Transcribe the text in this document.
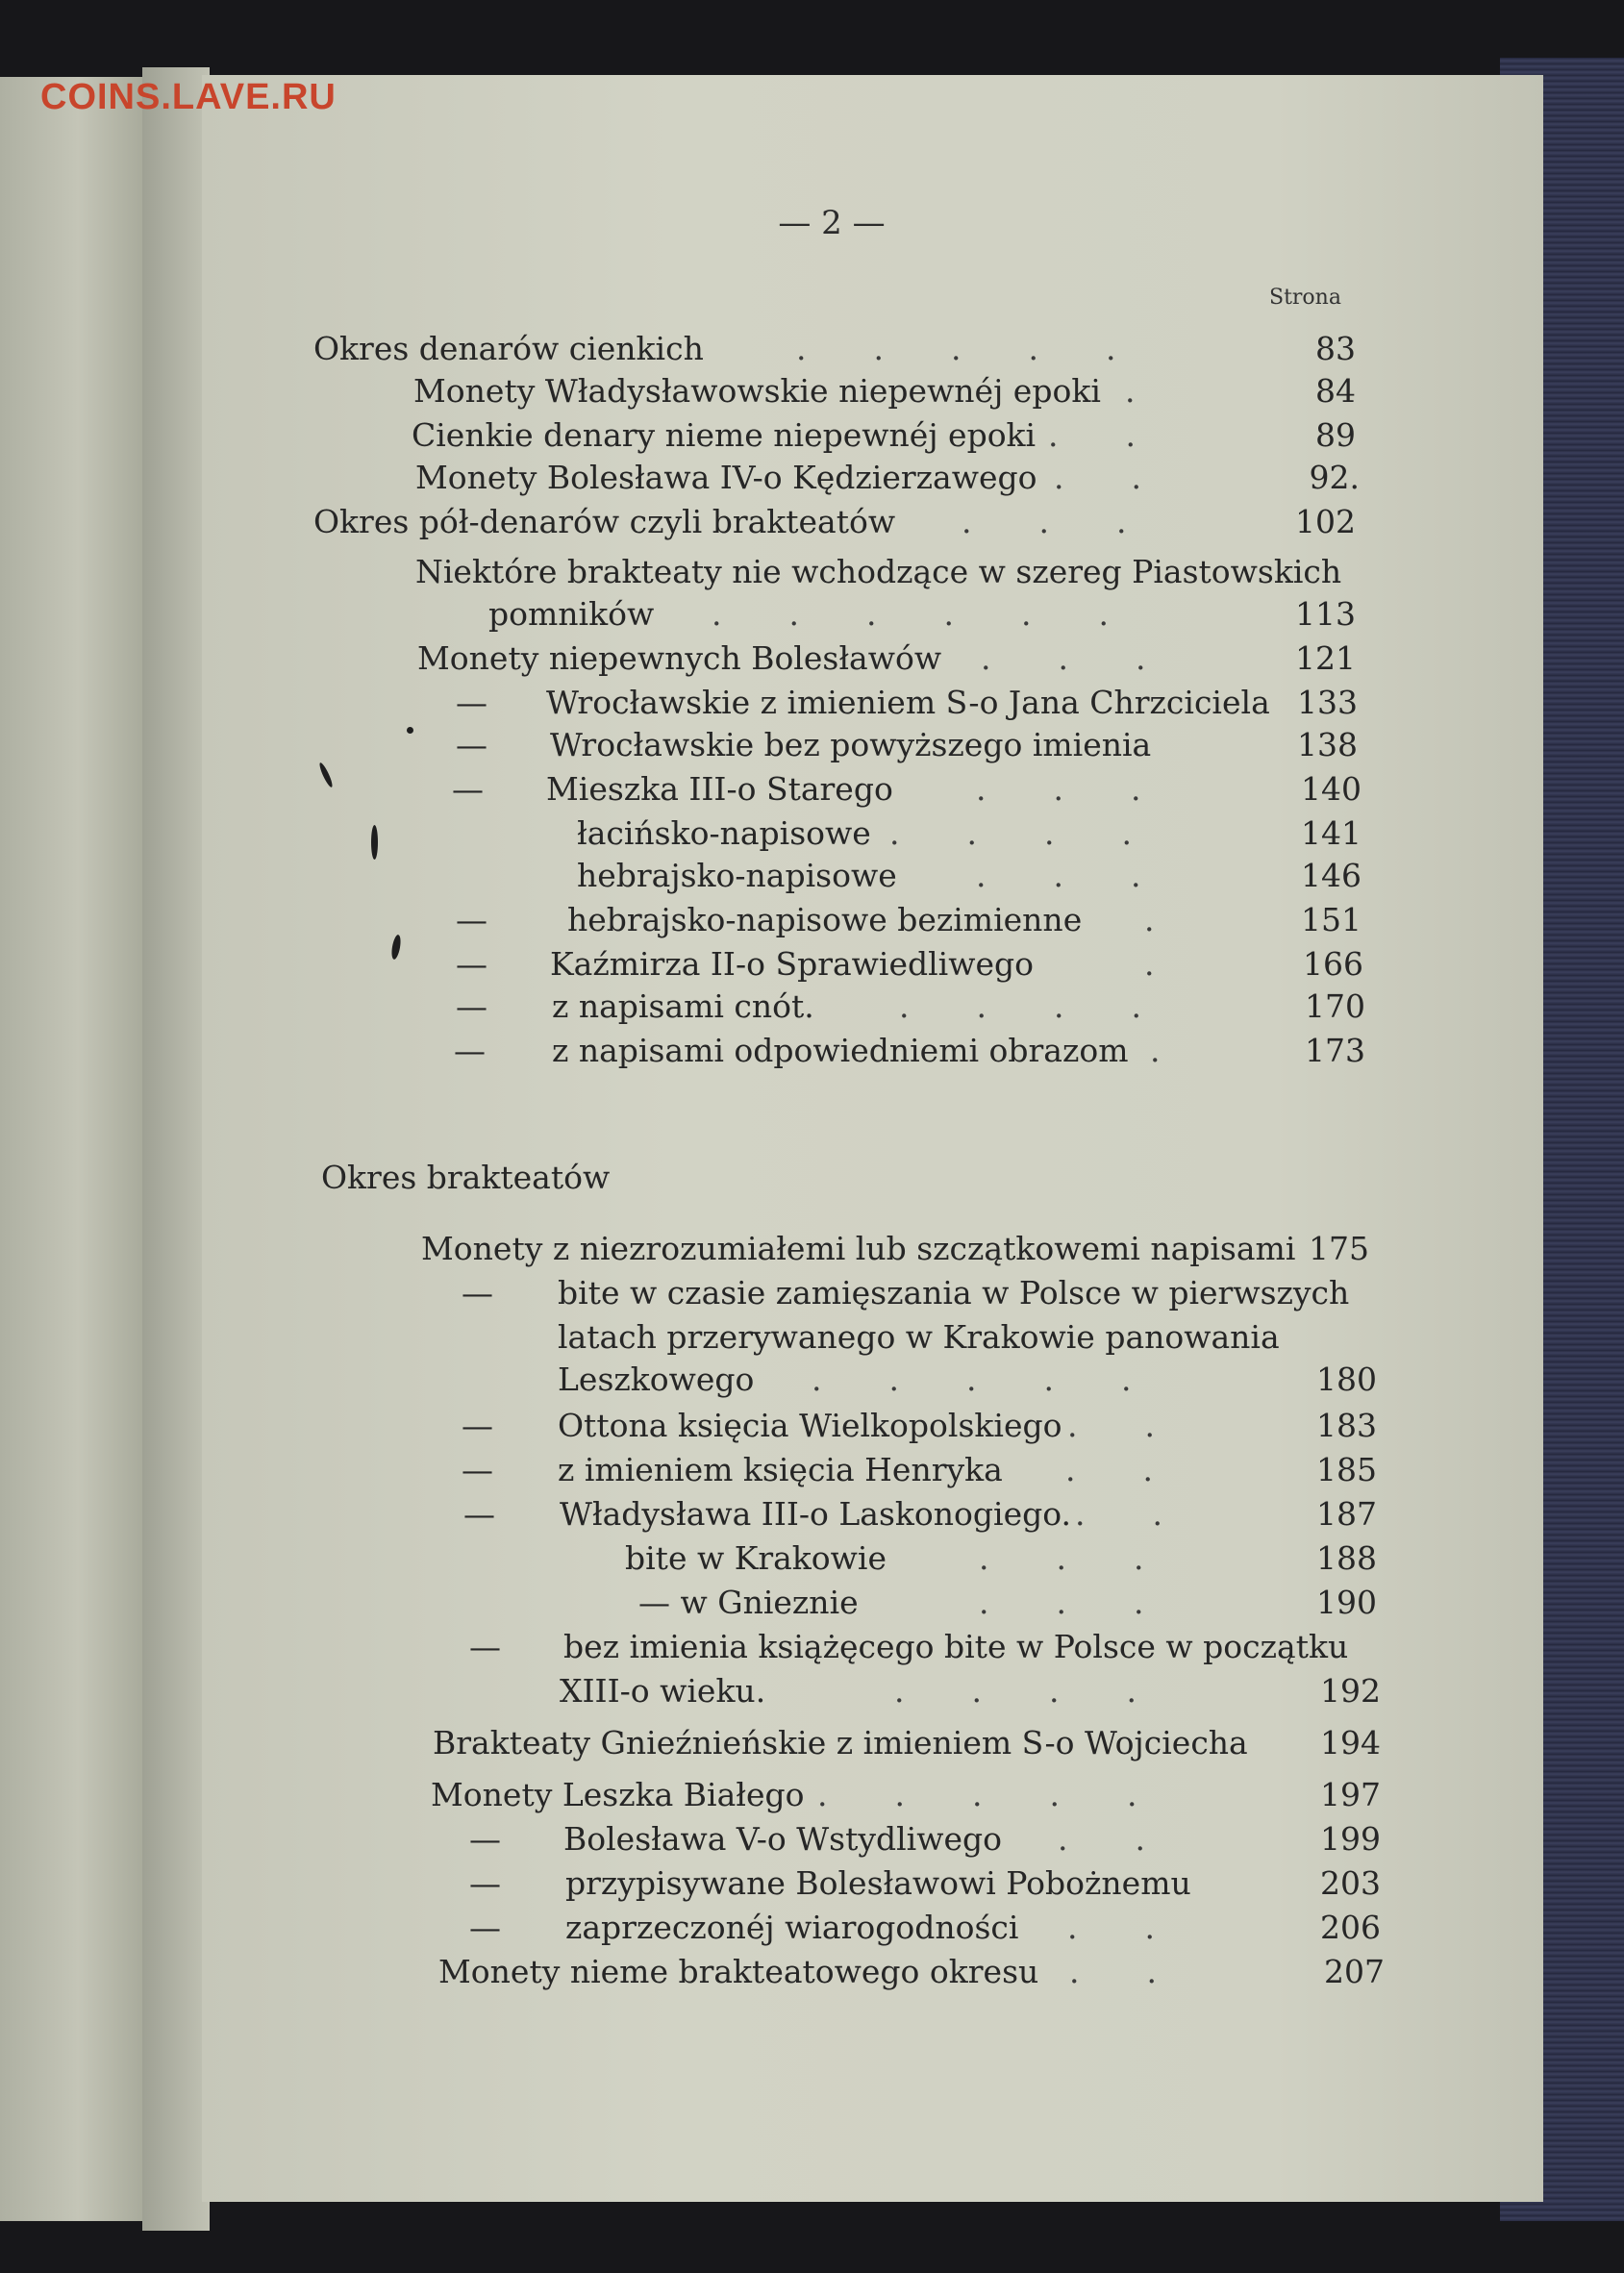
COINS.LAVE.RU
— 2 —
Strona
Okres denarów cienkich	.....	83
Monety Władysławowskie niepewnéj epoki .	84
Cienkie denary nieme niepewnéj epoki ..	89
Monety Bolesława IV-o Kędzierzawego ..	92.
Okres pół-denarów czyli brakteatów ...	102
Niektóre brakteaty nie wchodzące w szereg Piastowskich
pomników ......	113
Monety niepewnych Bolesławów ...	121
— Wrocławskie z imieniem S-o Jana Chrzciciela 133
— Wrocławskie bez powyższego imienia	138
— Mieszka III-o Starego	...	140
łacińsko-napisowe ....	141
hebrajsko-napisowe ...	146
—	hebrajsko-napisowe bezimienne .	151
— Kaźmirza II-o Sprawiedliwego	.	166
— z napisami cnót.	....	170
— z napisami odpowiedniemi obrazom .	173
Okres brakteatów
Monety z niezrozumiałemi lub szczątkowemi napisami 175
— bite w czasie zamięszania w Polsce w pierwszych
latach przerywanego w Krakowie panowania
Leszkowego .....	180
— Ottona księcia Wielkopolskiego ..	183
— z imieniem księcia Henryka ..	185
— Władysława III-o Laskonogiego. ..	187
bite w Krakowie	...	188
— w Gnieznie	...	190
— bez imienia książęcego bite w Polsce w początku
XIII-o wieku.	....	192
Brakteaty Gnieźnieńskie z imieniem S-o Wojciecha	194
Monety Leszka Białego .....	197
— Bolesława V-o Wstydliwego ..	199
— przypisywane Bolesławowi Pobożnemu	203
— zaprzeczonéj wiarogodności ..	206
Monety nieme brakteatowego okresu ..	207
